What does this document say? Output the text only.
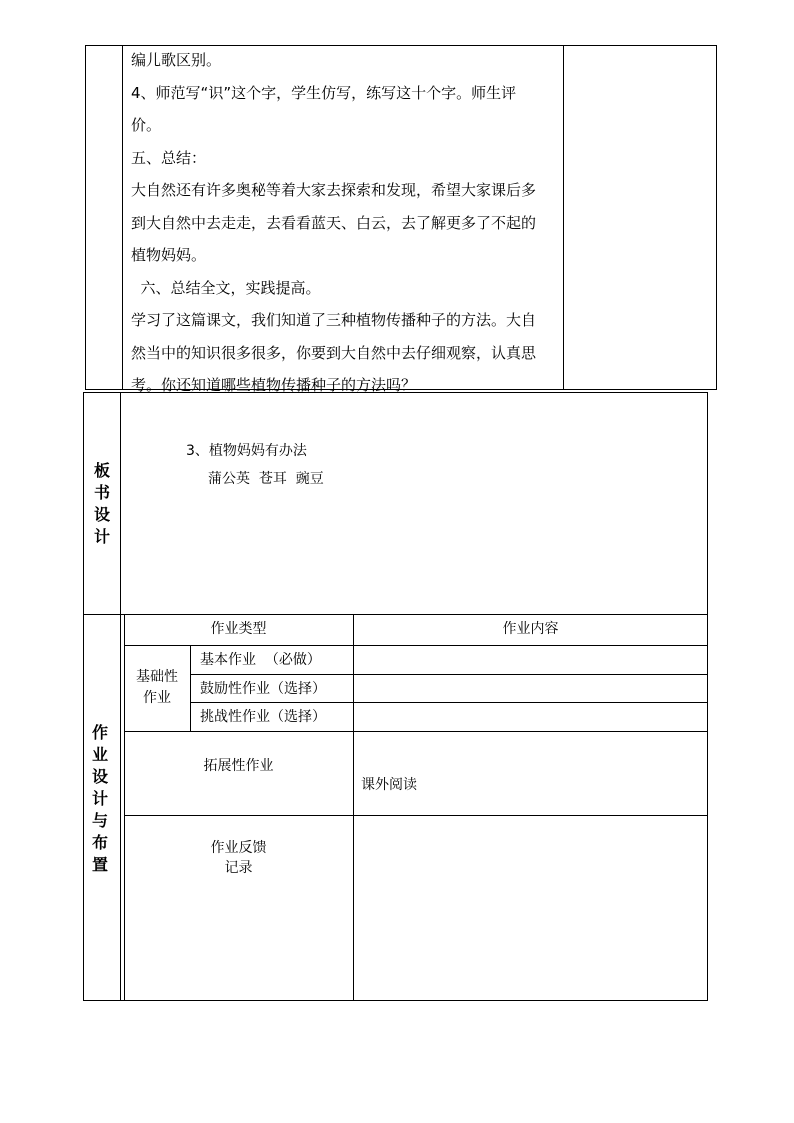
编儿歌区别。
4、师范写“识”这个字，学生仿写，练写这十个字。师生评
价。
五、总结：
大自然还有许多奥秘等着大家去探索和发现，希望大家课后多
到大自然中去走走，去看看蓝天、白云，去了解更多了不起的
植物妈妈。
六、总结全文，实践提高。
学习了这篇课文，我们知道了三种植物传播种子的方法。大自
然当中的知识很多很多，你要到大自然中去仔细观察，认真思
考。你还知道哪些植物传播种子的方法吗？
板
书
设
计
3、植物妈妈有办法
蒲公英  苍耳  豌豆
作
业
设
计
与
布
置
作业类型	作业内容
基础性
作业
基本作业  （必做）
鼓励性作业（选择）
挑战性作业（选择）
拓展性作业
课外阅读
作业反馈
记录
